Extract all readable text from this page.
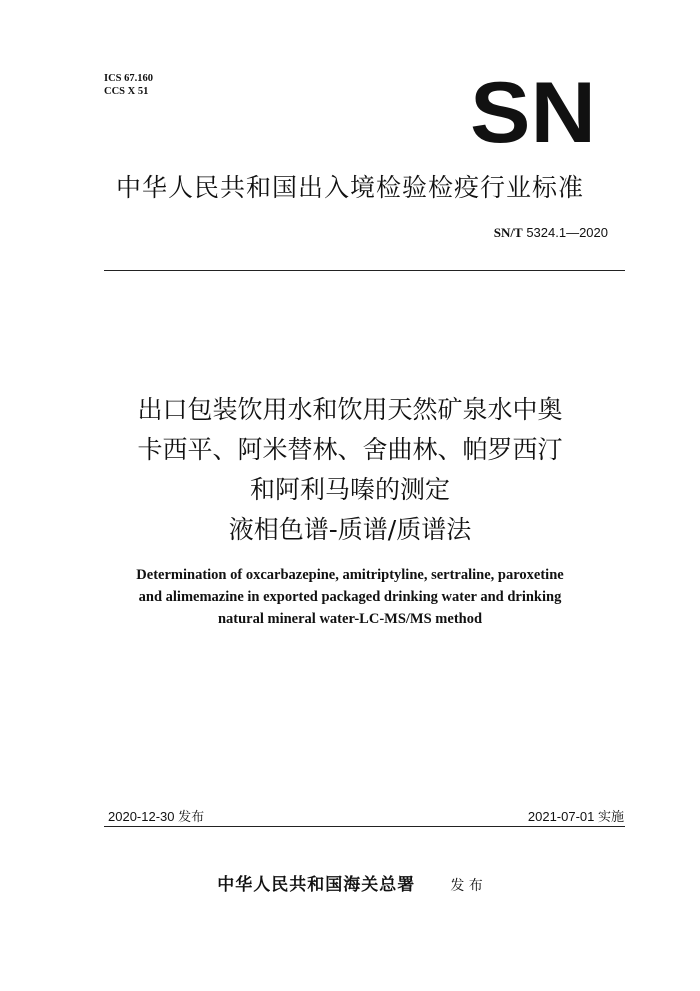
ICS 67.160
CCS X 51	SN
中华人民共和国出入境检验检疫行业标准
SN/T 5324.1—2020
出口包装饮用水和饮用天然矿泉水中奥
卡西平、阿米替林、舍曲林、帕罗西汀
和阿利马嗪的测定
液相色谱-质谱/质谱法
Determination of oxcarbazepine, amitriptyline, sertraline, paroxetine
and alimemazine in exported packaged drinking water and drinking
natural mineral water-LC-MS/MS method
2020-12-30 发布	2021-07-01 实施
中华人民共和国海关总署	发 布
